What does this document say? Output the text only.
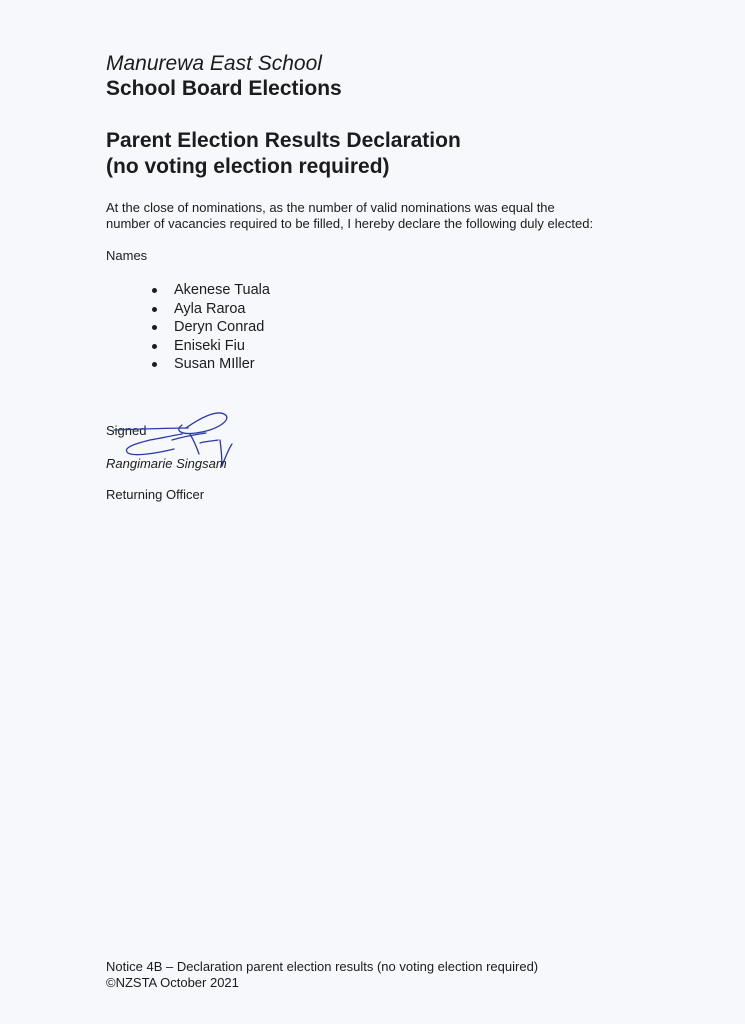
Manurewa East School
School Board Elections
Parent Election Results Declaration
(no voting election required)

At the close of nominations, as the number of valid nominations was equal the
number of vacancies required to be filled, I hereby declare the following duly elected:

Names

Akenese Tuala
Ayla Raroa
Deryn Conrad
Eniseki Fiu
Susan MIller

Signed

Rangimarie Singsam

Returning Officer

Notice 4B – Declaration parent election results (no voting election required)
©NZSTA October 2021
